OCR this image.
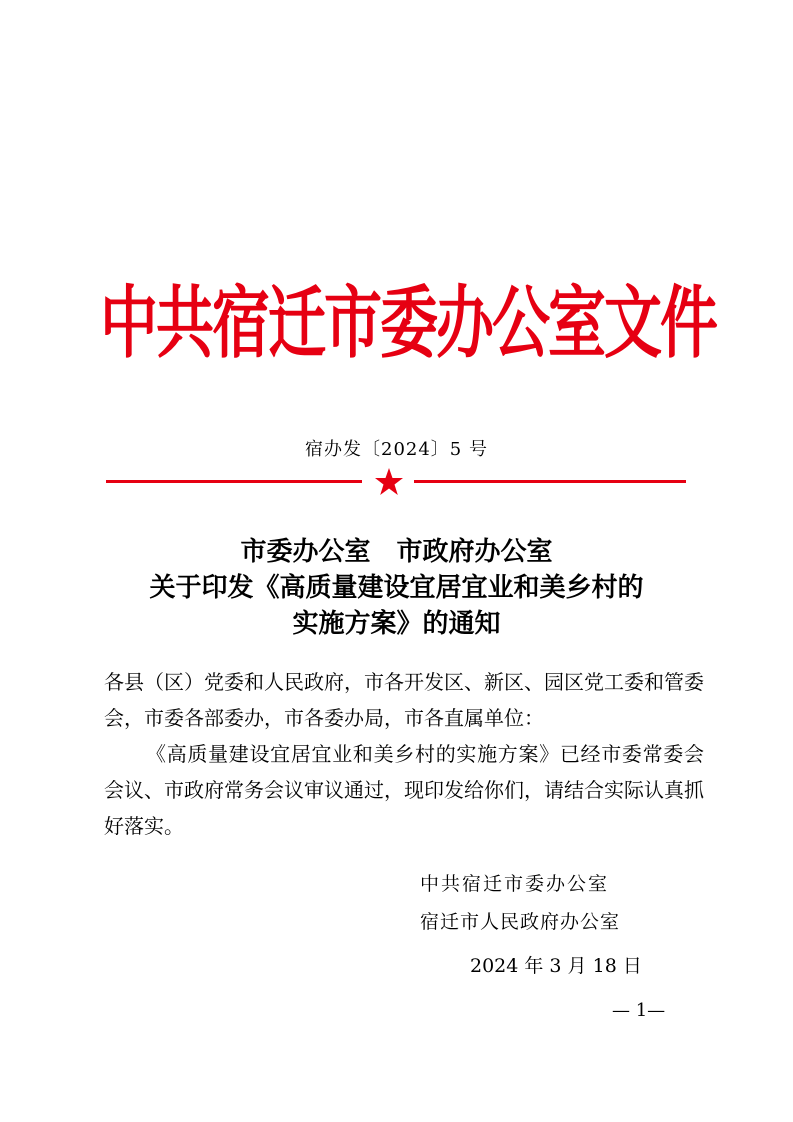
中共宿迁市委办公室文件
宿办发〔2024〕5 号
市委办公室　市政府办公室
关于印发《高质量建设宜居宜业和美乡村的
实施方案》的通知

各县（区）党委和人民政府，市各开发区、新区、园区党工委和管委会，市委各部委办，市各委办局，市各直属单位：

《高质量建设宜居宜业和美乡村的实施方案》已经市委常委会会议、市政府常务会议审议通过，现印发给你们，请结合实际认真抓好落实。

中共宿迁市委办公室
宿迁市人民政府办公室
2024 年 3 月 18 日
— 1—
